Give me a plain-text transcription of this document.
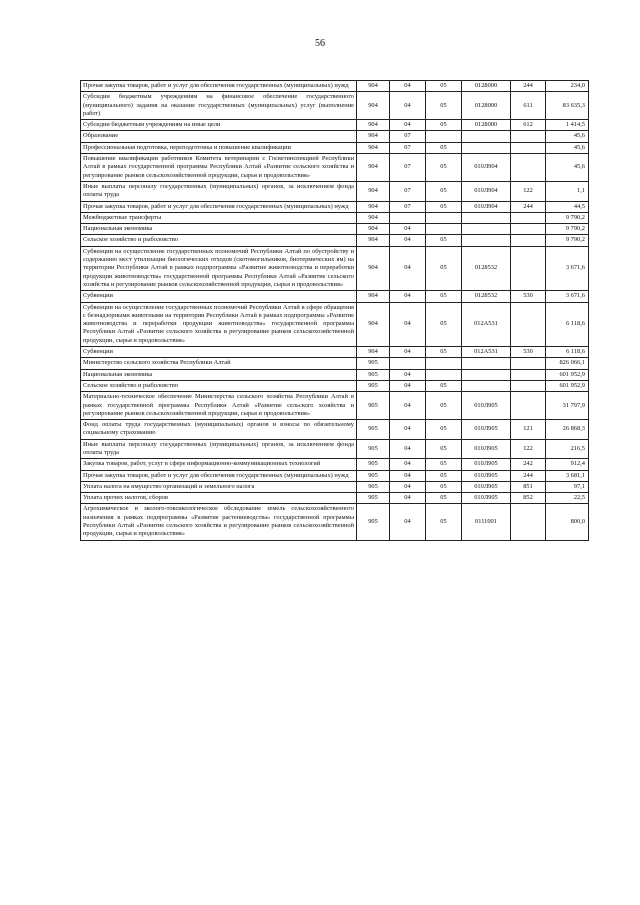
56
Прочая закупка товаров, работ и услуг для обеспечения государственных (муниципальных) нужд	904	04	05	0128000	244	234,0
Субсидии бюджетным учреждениям на финансовое обеспечение государственного (муниципального) задания на оказание государственных (муниципальных) услуг (выполнение работ)	904	04	05	0128000	611	83 635,3
Субсидии бюджетным учреждениям на иные цели	904	04	05	0128000	612	1 414,5
Образование	904	07				45,6
Профессиональная подготовка, переподготовка и повышение квалификации	904	07	05			45,6
Повышение квалификации работников Комитета ветеринарии с Госветинспекцией Республики Алтай в рамках государственной программы Республики Алтай «Развитие сельского хозяйства и регулирование рынков сельскохозяйственной продукции, сырья и продовольствия»	904	07	05	010Л904		45,6
Иные выплаты персоналу государственных (муниципальных) органов, за исключением фонда оплаты труда	904	07	05	010Л904	122	1,1
Прочая закупка товаров, работ и услуг для обеспечения государственных (муниципальных) нужд	904	07	05	010Л904	244	44,5
Межбюджетные трансферты	904					9 790,2
Национальная экономика	904	04				9 790,2
Сельское хозяйство и рыболовство	904	04	05			9 790,2
Субвенции на осуществление государственных полномочий Республики Алтай по обустройству и содержанию мест утилизации биологических отходов (скотомогильников, биотермических ям) на территории Республики Алтай в рамках подпрограммы «Развитие животноводства и переработки продукции животноводства» государственной программы Республики Алтай «Развитие сельского хозяйства и регулирование рынков сельскохозяйственной продукции, сырья и продовольствия»	904	04	05	0128532		3 671,6
Субвенции	904	04	05	0128532	530	3 671,6
Субвенции на осуществление государственных полномочий Республики Алтай в сфере обращения с безнадзорными животными на территории Республики Алтай в рамках подпрограммы «Развитие животноводства и переработки продукции животноводства» государственной программы Республики Алтай «Развитие сельского хозяйства и регулирование рынков сельскохозяйственной продукции, сырья и продовольствия»	904	04	05	012А531		6 118,6
Субвенции	904	04	05	012А531	530	6 118,6
Министерство сельского хозяйства Республики Алтай	905					826 066,1
Национальная экономика	905	04				601 952,9
Сельское хозяйство и рыболовство	905	04	05			601 952,9
Материально-техническое обеспечение Министерства сельского хозяйства Республики Алтай в рамках государственной программы Республики Алтай «Развитие сельского хозяйства и регулирование рынков сельскохозяйственной продукции, сырья и продовольствия»	905	04	05	010Л905		31 797,9
Фонд оплаты труда государственных (муниципальных) органов и взносы по обязательному социальному страхованию	905	04	05	010Л905	121	26 868,3
Иные выплаты персоналу государственных (муниципальных) органов, за исключением фонда оплаты труда	905	04	05	010Л905	122	216,5
Закупка товаров, работ, услуг в сфере информационно-коммуникационных технологий	905	04	05	010Л905	242	912,4
Прочая закупка товаров, работ и услуг для обеспечения государственных (муниципальных) нужд	905	04	05	010Л905	244	3 681,1
Уплата налога на имущество организаций и земельного налога	905	04	05	010Л905	851	97,1
Уплата прочих налогов, сборов	905	04	05	010Л905	852	22,5
Агрохимическое и эколого-токсикологическое обследование земель сельскохозяйственного назначения в рамках подпрограммы «Развитие растениеводства» государственной программы Республики Алтай «Развитие сельского хозяйства и регулирование рынков сельскохозяйственной продукции, сырья и продовольствия»	905	04	05	0111001		800,0
